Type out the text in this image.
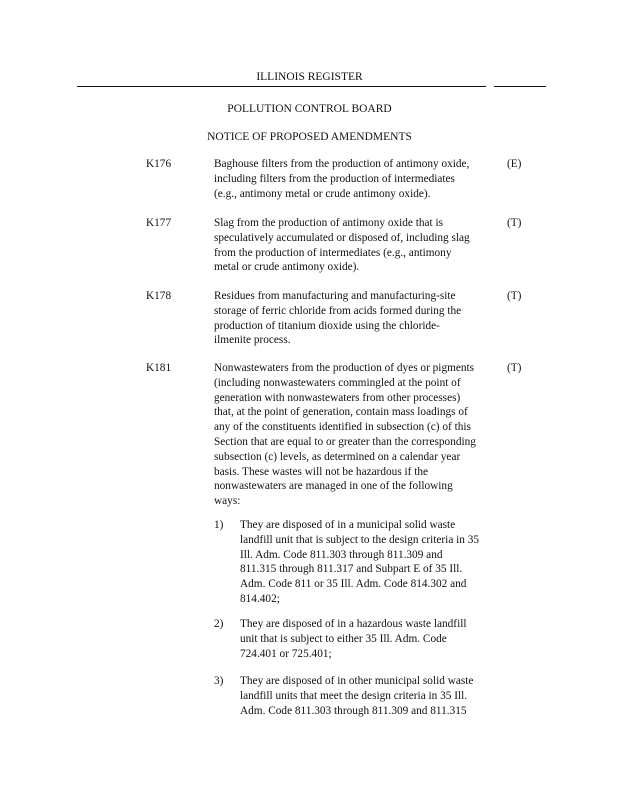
ILLINOIS REGISTER
POLLUTION CONTROL BOARD
NOTICE OF PROPOSED AMENDMENTS
K176	Baghouse filters from the production of antimony oxide,
including filters from the production of intermediates
(e.g., antimony metal or crude antimony oxide).
(E)
K177	Slag from the production of antimony oxide that is
speculatively accumulated or disposed of, including slag
from the production of intermediates (e.g., antimony
metal or crude antimony oxide).
(T)
K178	Residues from manufacturing and manufacturing-site
storage of ferric chloride from acids formed during the
production of titanium dioxide using the chloride-
ilmenite process.
(T)
K181	Nonwastewaters from the production of dyes or pigments
(including nonwastewaters commingled at the point of
generation with nonwastewaters from other processes)
that, at the point of generation, contain mass loadings of
any of the constituents identified in subsection (c) of this
Section that are equal to or greater than the corresponding
subsection (c) levels, as determined on a calendar year
basis. These wastes will not be hazardous if the
nonwastewaters are managed in one of the following
ways:
(T)
1) They are disposed of in a municipal solid waste
landfill unit that is subject to the design criteria in 35
Ill. Adm. Code 811.303 through 811.309 and
811.315 through 811.317 and Subpart E of 35 Ill.
Adm. Code 811 or 35 Ill. Adm. Code 814.302 and
814.402;
2) They are disposed of in a hazardous waste landfill
unit that is subject to either 35 Ill. Adm. Code
724.401 or 725.401;
3) They are disposed of in other municipal solid waste
landfill units that meet the design criteria in 35 Ill.
Adm. Code 811.303 through 811.309 and 811.315
